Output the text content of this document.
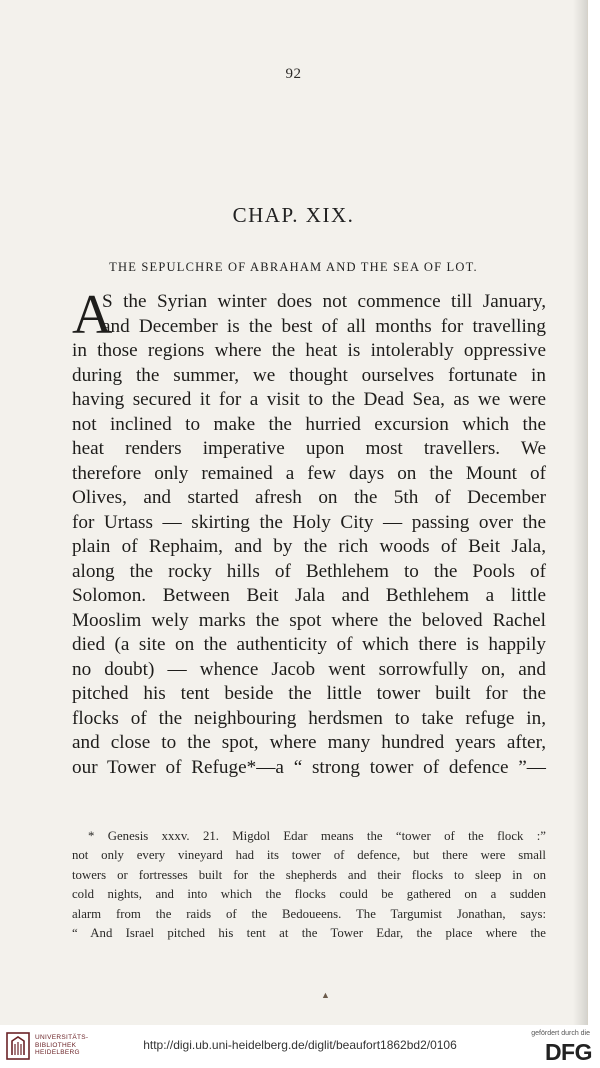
92
CHAP. XIX.
THE SEPULCHRE OF ABRAHAM AND THE SEA OF LOT.
A
S the Syrian winter does not commence till January,
and December is the best of all months for travelling
in those regions where the heat is intolerably oppressive
during the summer, we thought ourselves fortunate in
having secured it for a visit to the Dead Sea, as we were
not inclined to make the hurried excursion which the
heat renders imperative upon most travellers. We
therefore only remained a few days on the Mount of
Olives, and started afresh on the 5th of December
for Urtass — skirting the Holy City — passing over the
plain of Rephaim, and by the rich woods of Beit Jala,
along the rocky hills of Bethlehem to the Pools of
Solomon. Between Beit Jala and Bethlehem a little
Mooslim wely marks the spot where the beloved Rachel
died (a site on the authenticity of which there is happily
no doubt) — whence Jacob went sorrowfully on, and
pitched his tent beside the little tower built for the
flocks of the neighbouring herdsmen to take refuge in,
and close to the spot, where many hundred years after,
our Tower of Refuge*—a “ strong tower of defence ”—
* Genesis xxxv. 21. Migdol Edar means the “tower of the flock :”
not only every vineyard had its tower of defence, but there were small
towers or fortresses built for the shepherds and their flocks to sleep in on
cold nights, and into which the flocks could be gathered on a sudden
alarm from the raids of the Bedoueens. The Targumist Jonathan, says:
“ And Israel pitched his tent at the Tower Edar, the place where the
▲
UNIVERSITÄTS-
BIBLIOTHEK
HEIDELBERG
http://digi.ub.uni-heidelberg.de/diglit/beaufort1862bd2/0106
gefördert durch die
DFG
